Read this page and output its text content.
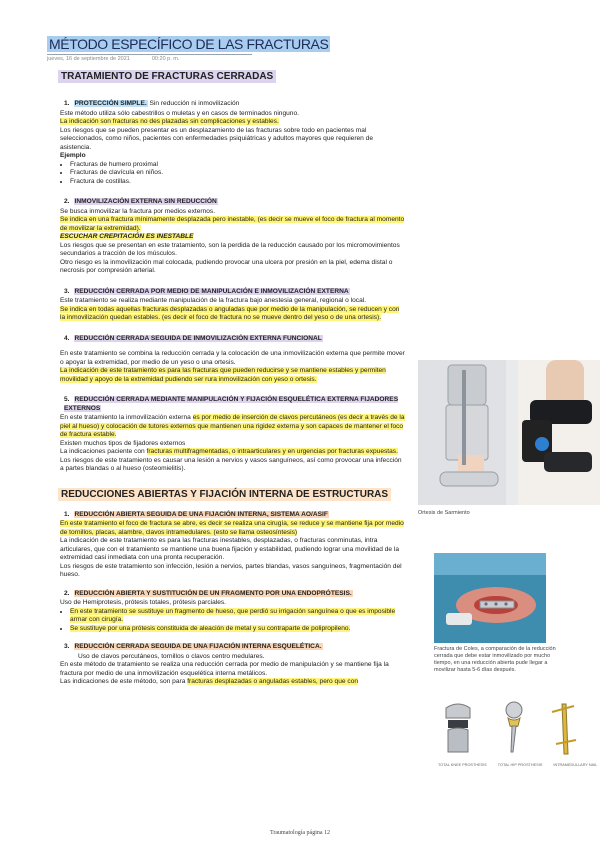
MÉTODO ESPECÍFICO DE LAS FRACTURAS
jueves, 16 de septiembre de 2021	00:20 p. m.
TRATAMIENTO DE FRACTURAS CERRADAS
1. PROTECCIÓN SIMPLE. Sin reducción ni inmovilización

Este método utiliza sólo cabestrillos o muletas y en casos de terminados ninguno.

La indicación son fracturas no des plazadas sin complicaciones y estables.

Los riesgos que se pueden presentar es un desplazamiento de las fracturas sobre todo en pacientes mal seleccionados, como niños, pacientes con enfermedades psiquiátricas y adultos mayores que requieren de asistencia.

Ejemplo

• Fracturas de humero proximal
• Fracturas de clavícula en niños.
• Fractura de costillas.
2. INMOVILIZACIÓN EXTERNA SIN REDUCCIÓN

Se busca inmovilizar la fractura por medios externos.

Se indica en una fractura mínimamente desplazada pero inestable, (es decir se mueve el foco de fractura al momento de movilizar la extremidad).

ESCUCHAR CREPITACIÓN ES INESTABLE

Los riesgos que se presentan en este tratamiento, son la perdida de la reducción causado por los micromovimientos secundarios a tracción de los músculos.

Otro riesgo es la inmovilización mal colocada, pudiendo provocar una ulcera por presión en la piel, edema distal o necrosis por compresión arterial.

3. REDUCCIÓN CERRADA POR MEDIO DE MANIPULACIÓN E INMOVILIZACIÓN EXTERNA

Este tratamiento se realiza mediante manipulación de la fractura bajo anestesia general, regional o local.

Se indica en todas aquellas fracturas desplazadas o anguladas que por medio de la manipulación, se reducen y con la inmovilización quedan estables. (es decir el foco de fractura no se mueve dentro del yeso o de una ortesis).

4. REDUCCIÓN CERRADA SEGUIDA DE INMOVILIZACIÓN EXTERNA FUNCIONAL

En este tratamiento se combina la reducción cerrada y la colocación de una inmovilización externa que permite mover o apoyar la extremidad, por medio de un yeso o una ortesis.

La indicación de este tratamiento es para las fracturas que pueden reducirse y se mantiene estables y permiten movilidad y apoyo de la extremidad pudiendo ser rura inmovilización con yeso o ortesis.

5. REDUCCIÓN CERRADA MEDIANTE MANIPULACIÓN Y FIJACIÓN ESQUELÉTICA EXTERNA FIJADORES EXTERNOS

En este tratamiento la inmovilización externa es por medio de inserción de clavos percutáneos (es decir a través de la piel al hueso) y colocación de tutores externos que mantienen una rigidez externa y son capaces de mantener el foco de fractura estable.

Existen muchos tipos de fijadores externos

La indicaciones paciente con fracturas multifragmentadas, o intraarticulares y en urgencias por fracturas expuestas.

Los riesgos de este tratamiento es causar una lesión a nervios y vasos sanguíneos, así como provocar una infección a partes blandas o al hueso (osteomielitis).

REDUCCIONES ABIERTAS Y FIJACIÓN INTERNA DE ESTRUCTURAS
1. REDUCCIÓN ABIERTA SEGUIDA DE UNA FIJACIÓN INTERNA, SISTEMA AO/ASIF

En este tratamiento el foco de fractura se abre, es decir se realiza una cirugía, se reduce y se mantiene fija por medio de tornillos, placas, alambre, clavos intramedulares. (esto se llama osteosíntesis)

La indicación de este tratamiento es para las fracturas inestables, desplazadas, o fracturas conminutas, intra articulares, que con el tratamiento se mantiene una buena fijación y estabilidad, pudiendo lograr una movilidad de la extremidad casi inmediata con una pronta recuperación.

Los riesgos de este tratamiento son infección, lesión a nervios, partes blandas, vasos sanguíneos, fragmentación del hueso.

2. REDUCCIÓN ABIERTA Y SUSTITUCIÓN DE UN FRAGMENTO POR UNA ENDOPRÓTESIS.

Uso de Hemiprotesis, prótesis totales, prótesis parciales.

• En este tratamiento se sustituye un fragmento de hueso, que perdió su irrigación sanguínea o que es imposible armar con cirugía.
• Se sustituye por una prótesis constituida de aleación de metal y su contraparte de polipropileno.
3. REDUCCIÓN CERRADA SEGUIDA DE UNA FIJACIÓN INTERNA ESQUELÉTICA.

Uso de clavos percutáneos, tornillos o clavos centro medulares.

En este método de tratamiento se realiza una reducción cerrada por medio de manipulación y se mantiene fija la fractura por medio de una inmovilización esquelética interna metálicos.

Las indicaciones de este método, son para fracturas desplazadas o anguladas estables, pero que con

Ortesis de Sarmiento
Fractura de Coles, a comparación de la reducción cerrada que debe estar inmovilizado por mucho tiempo, en una reducción abierta pude llegar a movilizar hasta 5-6 días después.
TOTAL KNEE PROSTHESIS	TOTAL HIP PROSTHESIS	INTRAMEDULLARY NAIL
Traumatología página 12
